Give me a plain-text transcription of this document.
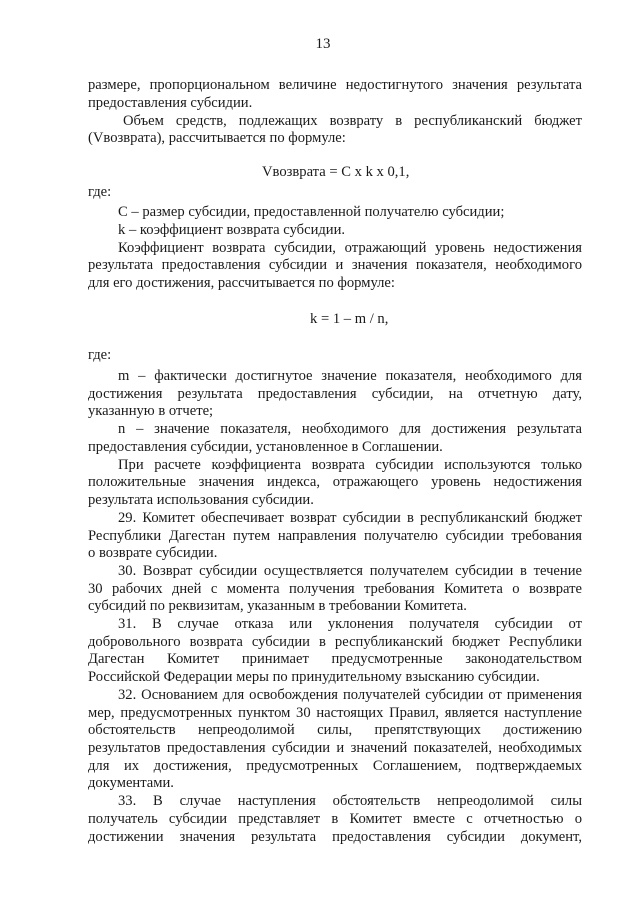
13
размере, пропорциональном величине недостигнутого значения результата
предоставления субсидии.
Объем средств, подлежащих возврату в республиканский бюджет
(Vвозврата), рассчитывается по формуле:
Vвозврата = С х k х 0,1,
где:
С – размер субсидии, предоставленной получателю субсидии;
k – коэффициент возврата субсидии.
Коэффициент возврата субсидии, отражающий уровень недостижения
результата предоставления субсидии и значения показателя, необходимого
для его достижения, рассчитывается по формуле:
k = 1 – m / n,
где:
m – фактически достигнутое значение показателя, необходимого для
достижения результата предоставления субсидии, на отчетную дату,
указанную в отчете;
n – значение показателя, необходимого для достижения результата
предоставления субсидии, установленное в Соглашении.
При расчете коэффициента возврата субсидии используются только
положительные значения индекса, отражающего уровень недостижения
результата использования субсидии.
29. Комитет обеспечивает возврат субсидии в республиканский бюджет
Республики Дагестан путем направления получателю субсидии требования
о возврате субсидии.
30. Возврат субсидии осуществляется получателем субсидии в течение
30 рабочих дней с момента получения требования Комитета о возврате
субсидий по реквизитам, указанным в требовании Комитета.
31. В случае отказа или уклонения получателя субсидии от
добровольного возврата субсидии в республиканский бюджет Республики
Дагестан Комитет принимает предусмотренные законодательством
Российской Федерации меры по принудительному взысканию субсидии.
32. Основанием для освобождения получателей субсидии от применения
мер, предусмотренных пунктом 30 настоящих Правил, является наступление
обстоятельств непреодолимой силы, препятствующих достижению
результатов предоставления субсидии и значений показателей, необходимых
для их достижения, предусмотренных Соглашением, подтверждаемых
документами.
33. В случае наступления обстоятельств непреодолимой силы
получатель субсидии представляет в Комитет вместе с отчетностью о
достижении значения результата предоставления субсидии документ,
